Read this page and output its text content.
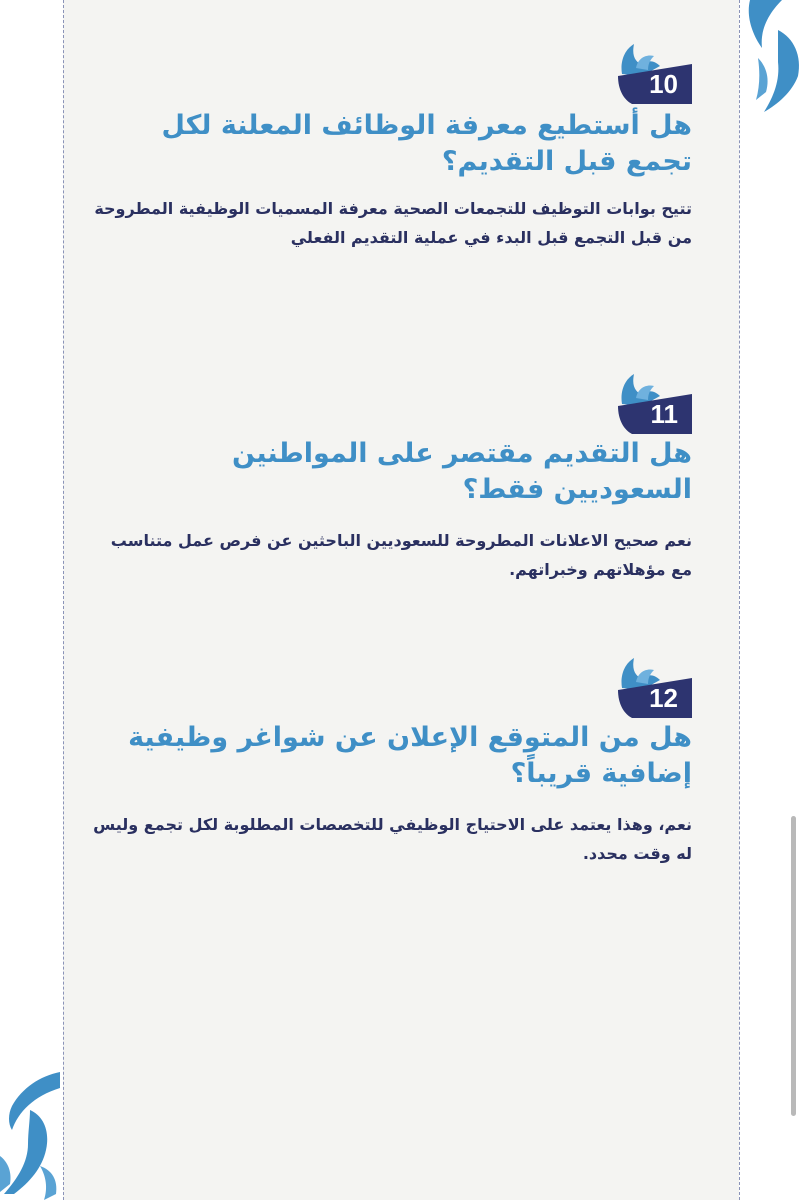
10

هل أستطيع معرفة الوظائف المعلنة لكل تجمع قبل التقديم؟

تتيح بوابات التوظيف للتجمعات الصحية معرفة المسميات الوظيفية المطروحة من قبل التجمع قبل البدء في عملية التقديم الفعلي

11

هل التقديم مقتصر على المواطنين السعوديين فقط؟

نعم صحيح الاعلانات المطروحة للسعوديين الباحثين عن فرص عمل متناسب مع مؤهلاتهم وخبراتهم.

12

هل من المتوقع الإعلان عن شواغر وظيفية إضافية قريباً؟

نعم، وهذا يعتمد على الاحتياج الوظيفي للتخصصات المطلوبة لكل تجمع وليس له وقت محدد.
